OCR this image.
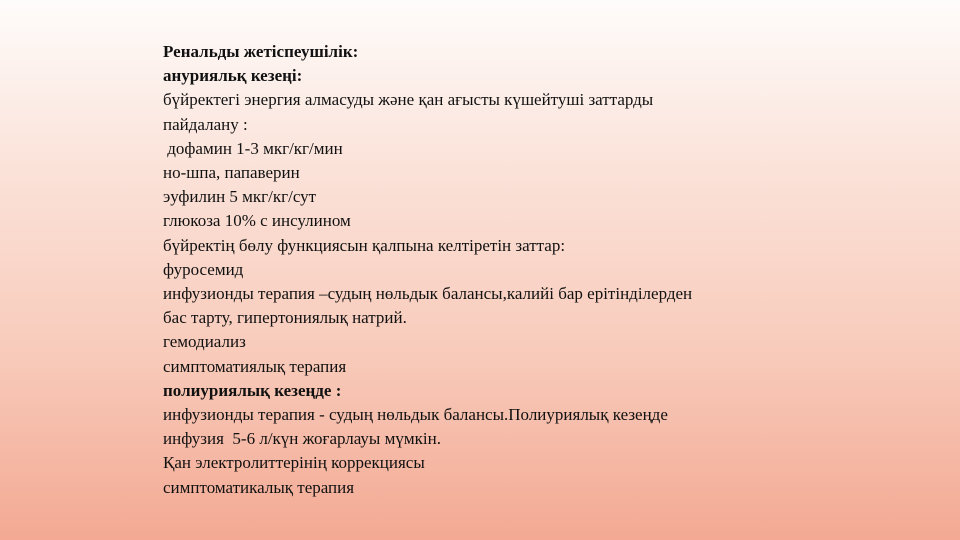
Ренальды жетіспеушілік:

анурияльқ кезеңі:

бүйректегі энергия алмасуды және қан ағысты күшейтуші заттарды

пайдалану :

дофамин 1-3 мкг/кг/мин

но-шпа, папаверин

эуфилин 5 мкг/кг/сут

глюкоза 10% с инсулином

бүйректің бөлу функциясын қалпына келтіретін заттар:

фуросемид

инфузионды терапия –судың нөльдык балансы,калийі бар ерітінділерден

бас тарту, гипертониялық натрий.

гемодиализ

симптоматиялық терапия

полиуриялық кезеңде :

инфузионды терапия - судың нөльдык балансы.Полиуриялық кезеңде

инфузия  5-6 л/күн жоғарлауы мүмкін.

Қан электролиттерінің коррекциясы

симптоматикалық терапия
